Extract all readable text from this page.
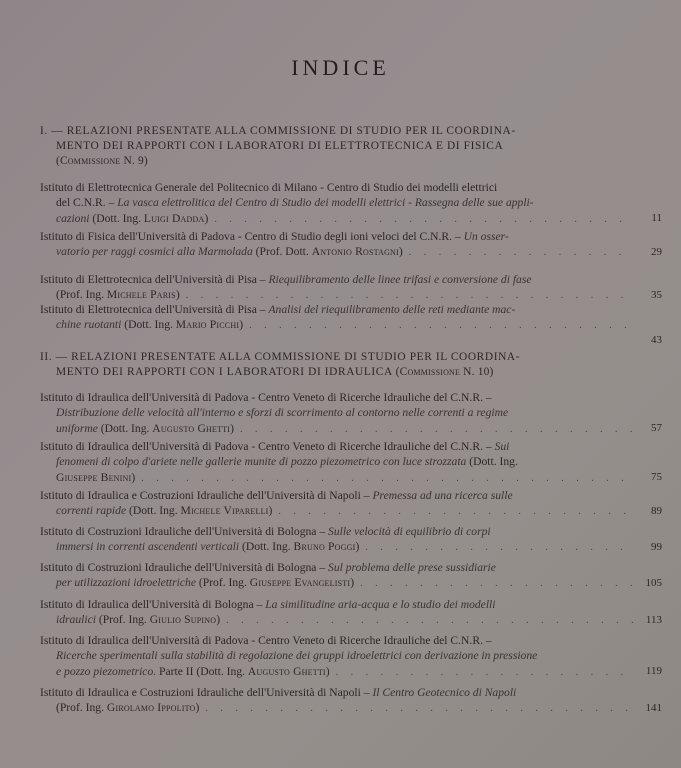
INDICE
I. — RELAZIONI PRESENTATE ALLA COMMISSIONE DI STUDIO PER IL COORDINA-
MENTO DEI RAPPORTI CON I LABORATORI DI ELETTROTECNICA E DI FISICA
(Commissione N. 9)
Istituto di Elettrotecnica Generale del Politecnico di Milano - Centro di Studio dei modelli elettrici
del C.N.R. – La vasca elettrolitica del Centro di Studio dei modelli elettrici - Rassegna delle sue appli-
cazioni (Dott. Ing. Luigi Dadda) . . .	11
Istituto di Fisica dell'Università di Padova - Centro di Studio degli ioni veloci del C.N.R. – Un osser-
vatorio per raggi cosmici alla Marmolada (Prof. Dott. Antonio Rostagni) . . .	29
Istituto di Elettrotecnica dell'Università di Pisa – Riequilibramento delle linee trifasi e conversione di fase
(Prof. Ing. Michele Paris) . . .	35
Istituto di Elettrotecnica dell'Università di Pisa – Analisi del riequilibramento delle reti mediante mac-
chine ruotanti (Dott. Ing. Mario Picchi)
. . .
43
II. — RELAZIONI PRESENTATE ALLA COMMISSIONE DI STUDIO PER IL COORDINA-
MENTO DEI RAPPORTI CON I LABORATORI DI IDRAULICA (Commissione N. 10)
Istituto di Idraulica dell'Università di Padova - Centro Veneto di Ricerche Idrauliche del C.N.R. –
Distribuzione delle velocità all'interno e sforzi di scorrimento al contorno nelle correnti a regime
uniforme (Dott. Ing. Augusto Ghetti) . . .	57
Istituto di Idraulica dell'Università di Padova - Centro Veneto di Ricerche Idrauliche del C.N.R. – Sui
fenomeni di colpo d'ariete nelle gallerie munite di pozzo piezometrico con luce strozzata (Dott. Ing.
Giuseppe Benini) . . .	75
Istituto di Idraulica e Costruzioni Idrauliche dell'Università di Napoli – Premessa ad una ricerca sulle
correnti rapide (Dott. Ing. Michele Viparelli) . . .	89
Istituto di Costruzioni Idrauliche dell'Università di Bologna – Sulle velocità di equilibrio di corpi
immersi in correnti ascendenti verticali (Dott. Ing. Bruno Poggi) . . .	99
Istituto di Costruzioni Idrauliche dell'Università di Bologna – Sul problema delle prese sussidiarie
per utilizzazioni idroelettriche (Prof. Ing. Giuseppe Evangelisti) . . .	105
Istituto di Idraulica dell'Università di Bologna – La similitudine aria-acqua e lo studio dei modelli
idraulici (Prof. Ing. Giulio Supino) . . .	113
Istituto di Idraulica dell'Università di Padova - Centro Veneto di Ricerche Idrauliche del C.N.R. –
Ricerche sperimentali sulla stabilità di regolazione dei gruppi idroelettrici con derivazione in pressione
e pozzo piezometrico. Parte II (Dott. Ing. Augusto Ghetti) . . .	119
Istituto di Idraulica e Costruzioni Idrauliche dell'Università di Napoli – Il Centro Geotecnico di Napoli
(Prof. Ing. Girolamo Ippolito) . . .	141
